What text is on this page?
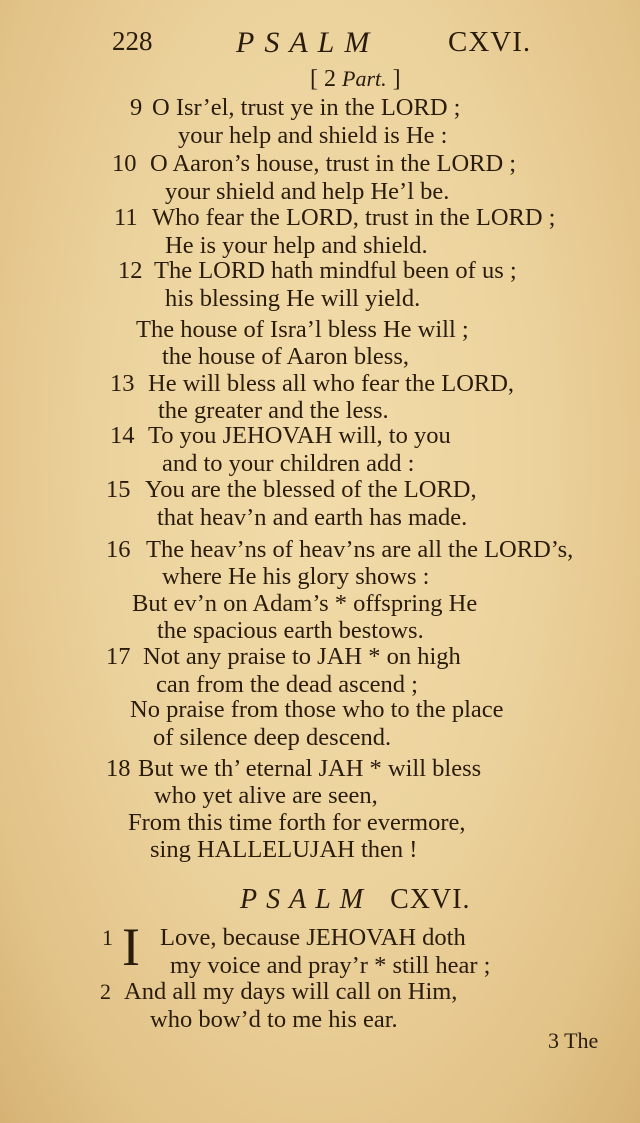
228	PSALM CXVI.
[ 2 Part. ]
9 O Isr’el, trust ye in the LORD ;
your help and shield is He :
10 O Aaron’s house, trust in the LORD ;
your shield and help He’l be.
11 Who fear the LORD, trust in the LORD ;
He is your help and shield.
12 The LORD hath mindful been of us ;
his blessing He will yield.
The house of Isra’l bless He will ;
the house of Aaron bless,
13 He will bless all who fear the LORD,
the greater and the less.
14 To you JEHOVAH will, to you
and to your children add :
15 You are the blessed of the LORD,
that heav’n and earth has made.
16 The heav’ns of heav’ns are all the LORD’s,
where He his glory shows :
But ev’n on Adam’s * offspring He
the spacious earth bestows.
17 Not any praise to JAH * on high
can from the dead ascend ;
No praise from those who to the place
of silence deep descend.
18 But we th’ eternal JAH * will bless
who yet alive are seen,
From this time forth for evermore,
sing HALLELUJAH then !
PSALM CXVI.
I
1 Love, because JEHOVAH doth
my voice and pray’r * still hear ;
2 And all my days will call on Him,
who bow’d to me his ear.
3 The
